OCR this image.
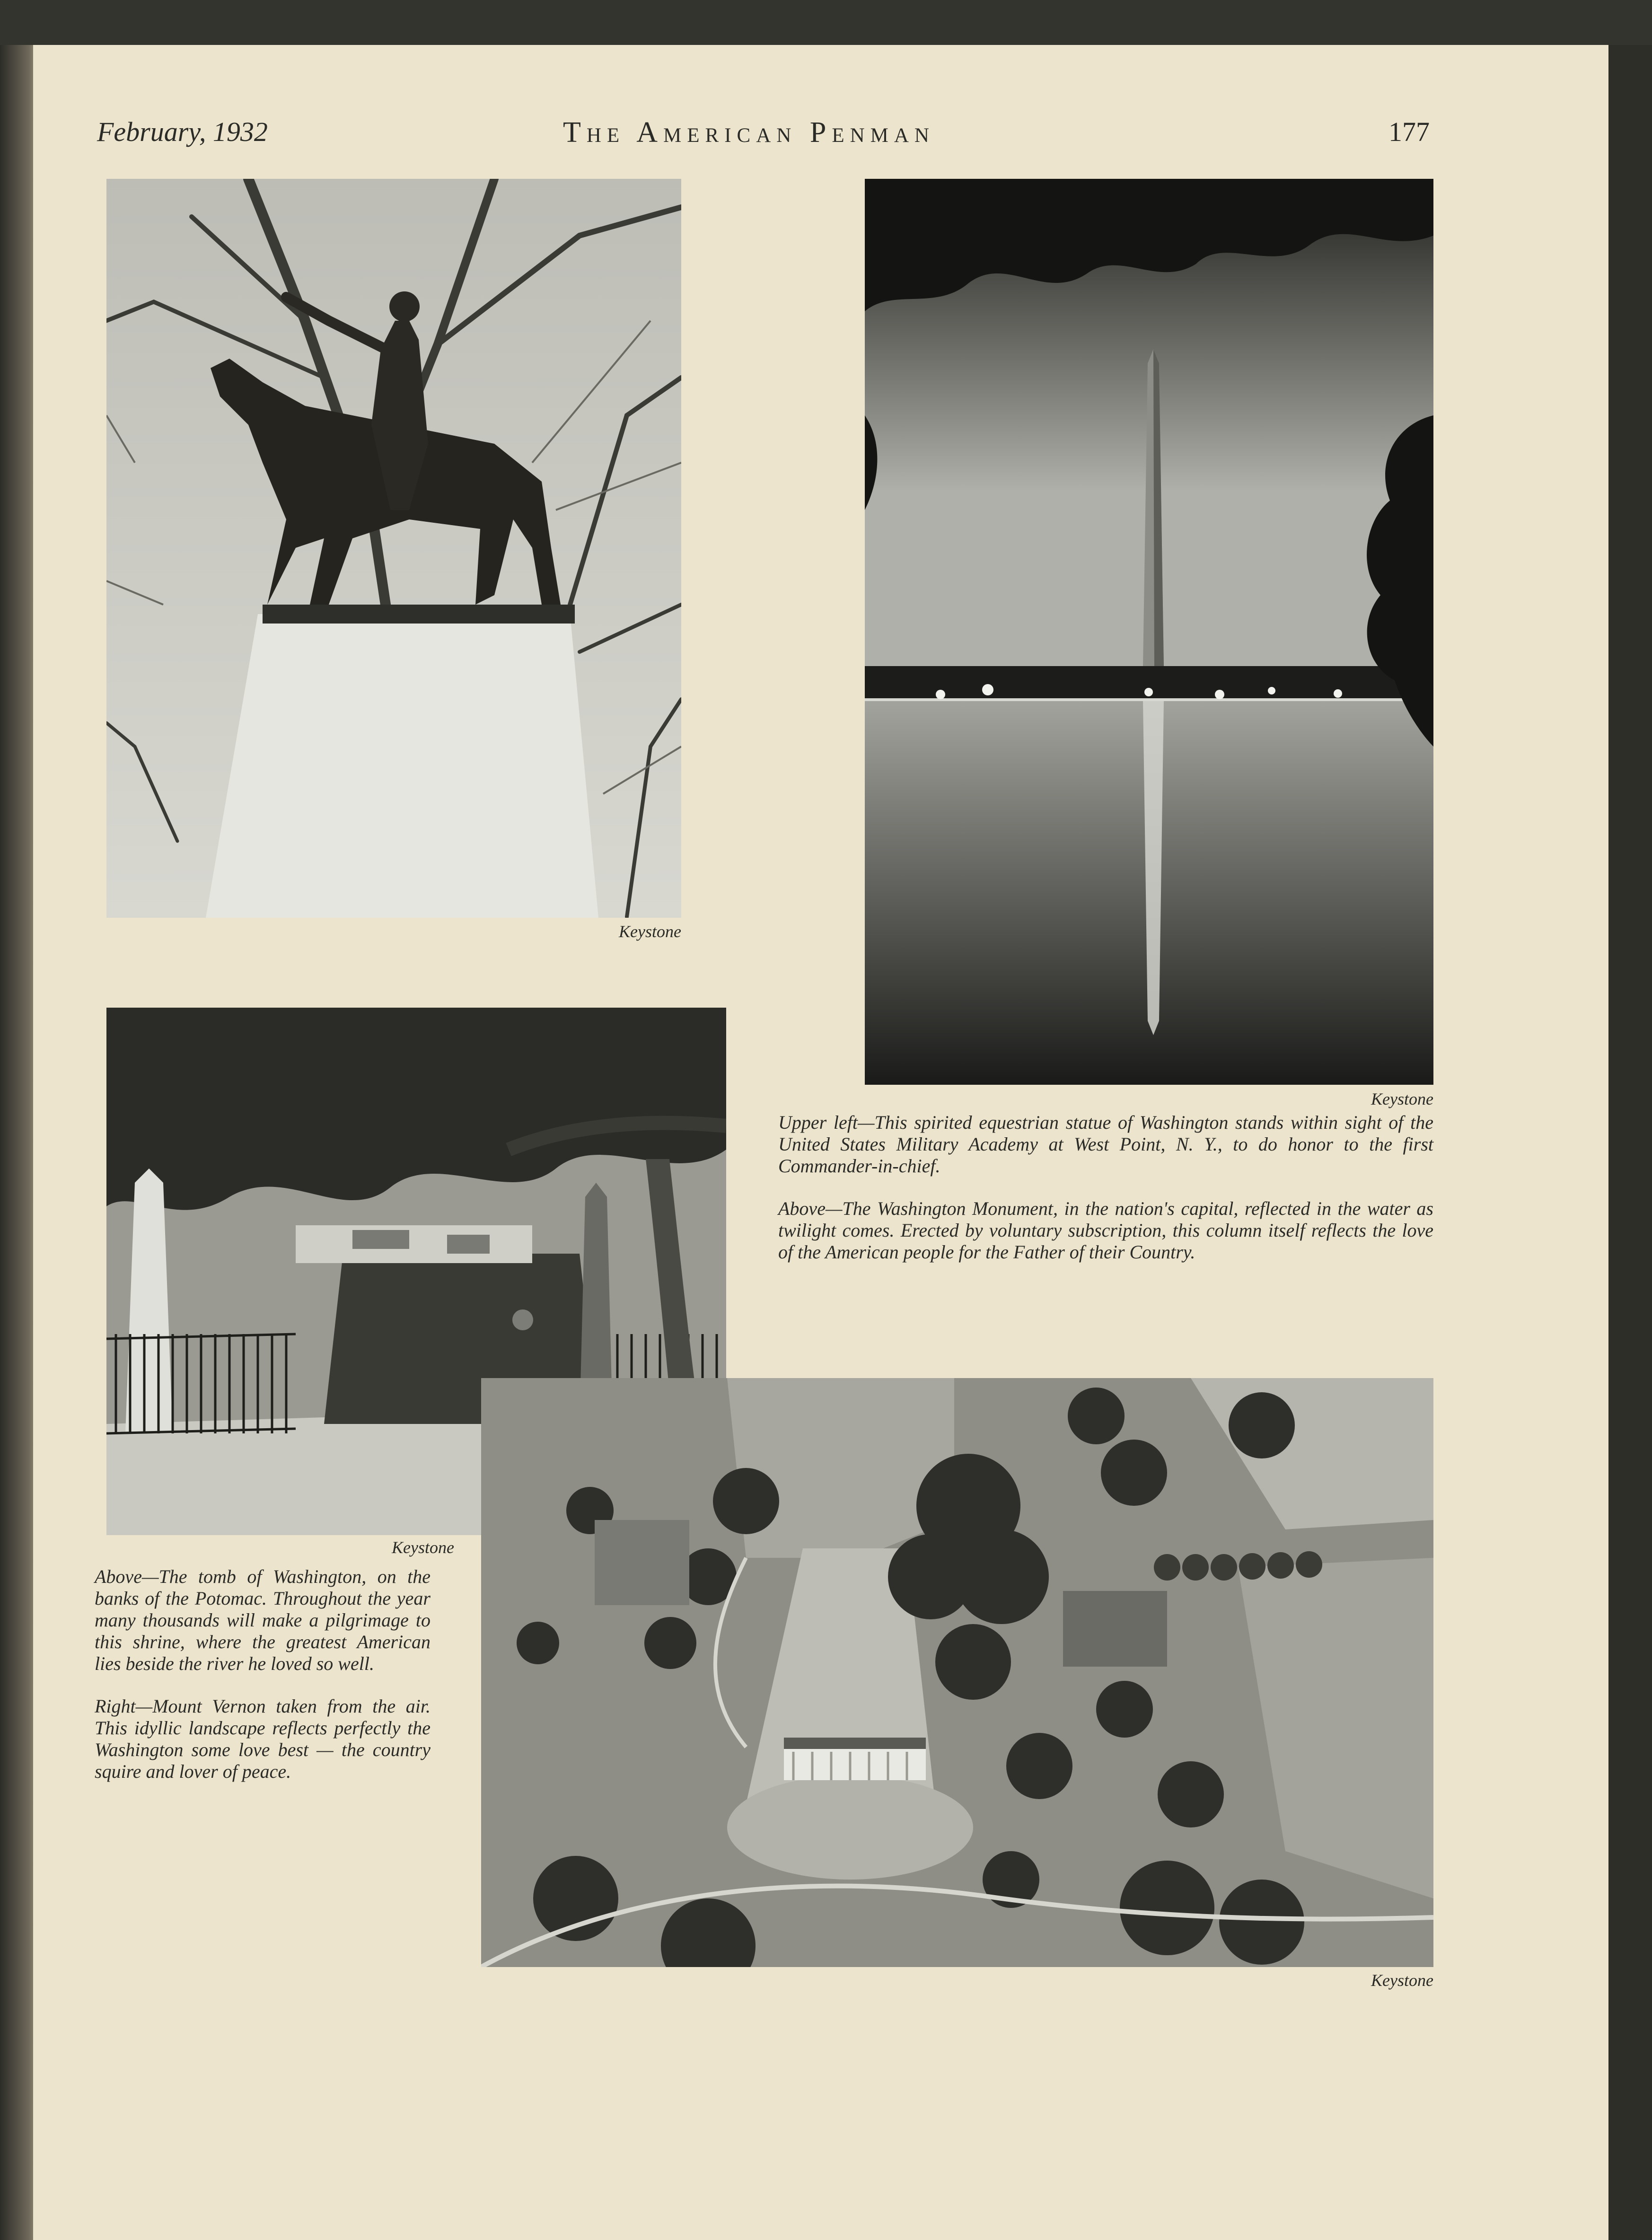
February, 1932	The American Penman	177
Keystone
Keystone

Upper left—This spirited equestrian statue of Washington stands within sight of the United States Military Academy at West Point, N. Y., to do honor to the first Commander-in-chief.

Above—The Washington Monument, in the nation's capital, reflected in the water as twilight comes. Erected by voluntary subscription, this column itself reflects the love of the American people for the Father of their Country.

Keystone

Above—The tomb of Washington, on the banks of the Potomac. Throughout the year many thousands will make a pilgrimage to this shrine, where the greatest American lies beside the river he loved so well.

Right—Mount Vernon taken from the air. This idyllic landscape reflects perfectly the Washington some love best — the country squire and lover of peace.

Keystone
